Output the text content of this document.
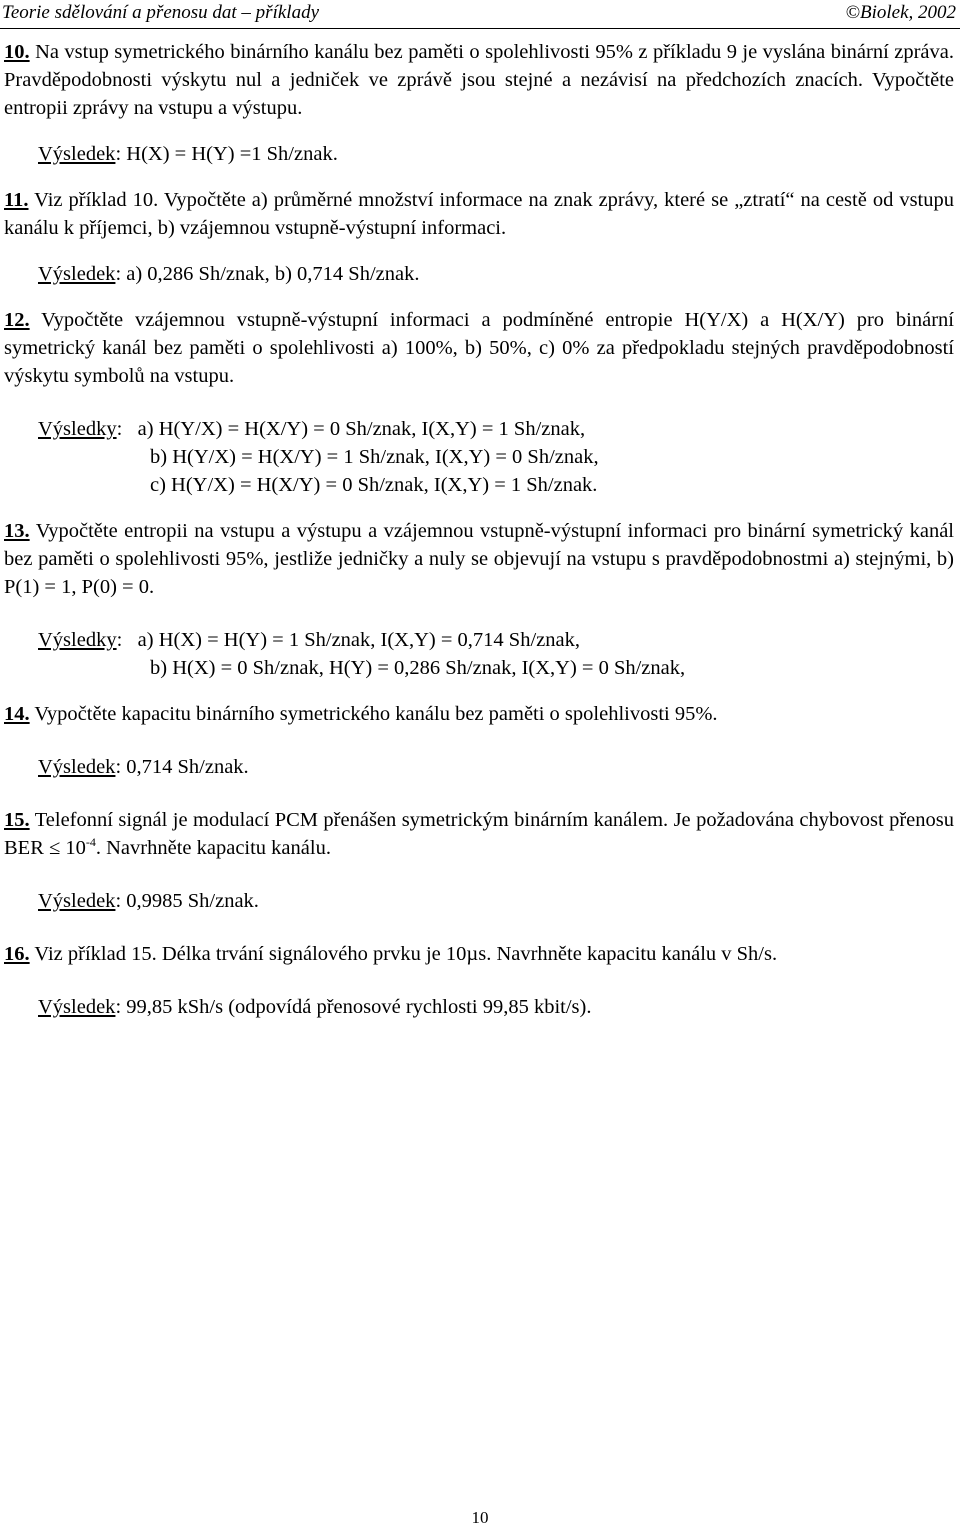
Teorie sdělování a přenosu dat – příklady	©Biolek, 2002

10. Na vstup symetrického binárního kanálu bez paměti o spolehlivosti 95% z příkladu 9 je vyslána binární zpráva. Pravděpodobnosti výskytu nul a jedniček ve zprávě jsou stejné a nezávisí na předchozích znacích. Vypočtěte entropii zprávy na vstupu a výstupu.

Výsledek: H(X) = H(Y) =1 Sh/znak.

11. Viz příklad 10. Vypočtěte a) průměrné množství informace na znak zprávy, které se „ztratí“ na cestě od vstupu kanálu k příjemci, b) vzájemnou vstupně-výstupní informaci.

Výsledek: a) 0,286 Sh/znak, b) 0,714 Sh/znak.

12. Vypočtěte vzájemnou vstupně-výstupní informaci a podmíněné entropie H(Y/X) a H(X/Y) pro binární symetrický kanál bez paměti o spolehlivosti a) 100%, b) 50%, c) 0% za předpokladu stejných pravděpodobností výskytu symbolů na vstupu.

Výsledky:   a) H(Y/X) = H(X/Y) = 0 Sh/znak, I(X,Y) = 1 Sh/znak,

b) H(Y/X) = H(X/Y) = 1 Sh/znak, I(X,Y) = 0 Sh/znak,

c) H(Y/X) = H(X/Y) = 0 Sh/znak, I(X,Y) = 1 Sh/znak.

13. Vypočtěte entropii na vstupu a výstupu a vzájemnou vstupně-výstupní informaci pro binární symetrický kanál bez paměti o spolehlivosti 95%, jestliže jedničky a nuly se objevují na vstupu s pravděpodobnostmi a) stejnými, b) P(1) = 1, P(0) = 0.

Výsledky:   a) H(X) = H(Y) = 1 Sh/znak, I(X,Y) = 0,714 Sh/znak,

b) H(X) = 0 Sh/znak, H(Y) = 0,286 Sh/znak, I(X,Y) = 0 Sh/znak,

14. Vypočtěte kapacitu binárního symetrického kanálu bez paměti o spolehlivosti 95%.

Výsledek: 0,714 Sh/znak.

15. Telefonní signál je modulací PCM přenášen symetrickým binárním kanálem. Je požadována chybovost přenosu BER ≤ $10^{-4}$. Navrhněte kapacitu kanálu.

Výsledek: 0,9985 Sh/znak.

16. Viz příklad 15. Délka trvání signálového prvku je 10µs. Navrhněte kapacitu kanálu v Sh/s.

Výsledek: 99,85 kSh/s (odpovídá přenosové rychlosti 99,85 kbit/s).

10
